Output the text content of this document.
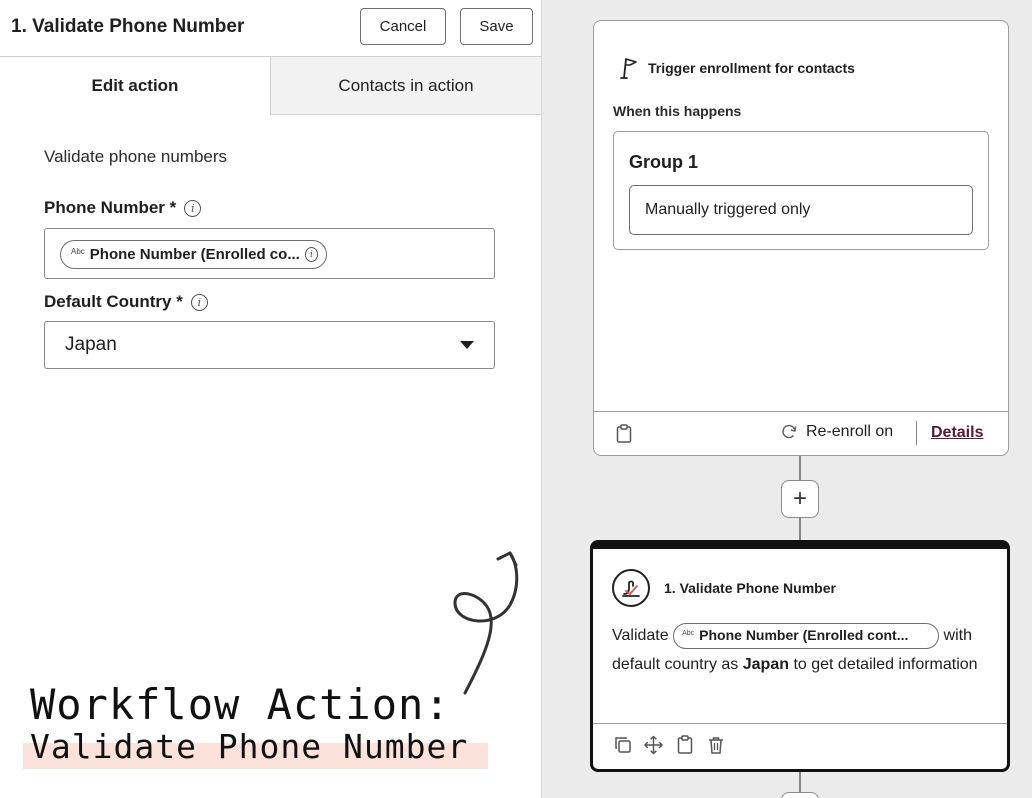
1. Validate Phone Number	Cancel	Save
Edit action	Contacts in action
Validate phone numbers
Phone Number *	i
Abc Phone Number (Enrolled co...	i
Default Country *	i
Japan
Workflow Action:
Validate Phone Number
Trigger enrollment for contacts
When this happens
Group 1
Manually triggered only
Re-enroll on Details
+
1. Validate Phone Number
Validate Abc Phone Number (Enrolled cont... with default country as Japan to get detailed information
